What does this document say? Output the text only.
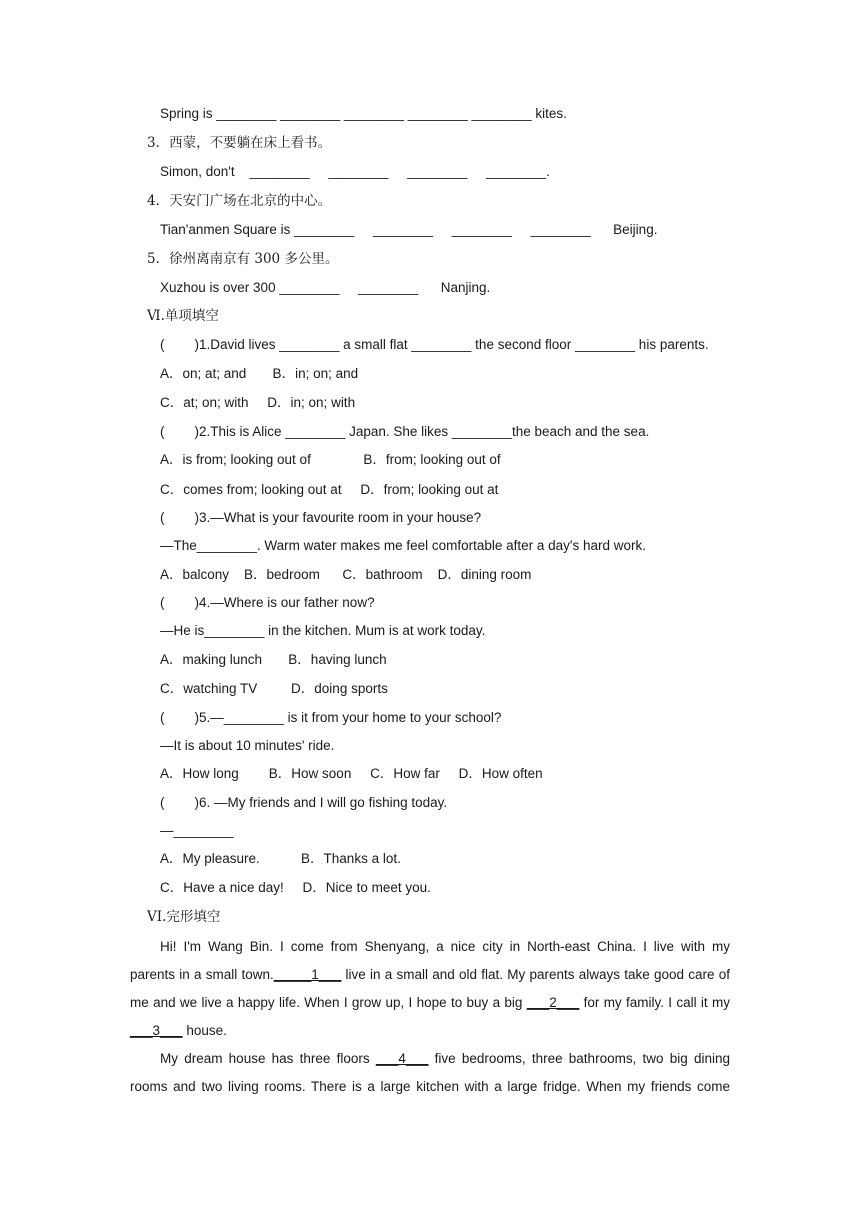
Spring is ________ ________ ________ ________ ________ kites.
3．西蒙，不要躺在床上看书。
Simon, don't    ________     ________     ________     ________.
4．天安门广场在北京的中心。
Tian'anmen Square is ________     ________     ________     ________      Beijing.
5．徐州离南京有 300 多公里。
Xuzhou is over 300 ________     ________      Nanjing.
Ⅵ.单项填空
(        )1.David lives ________ a small flat ________ the second floor ________ his parents.
A．on; at; and       B．in; on; and
C．at; on; with     D．in; on; with
(        )2.This is Alice ________ Japan. She likes ________the beach and the sea.
A．is from; looking out of              B．from; looking out of
C．comes from; looking out at     D．from; looking out at
(        )3.—What is your favourite room in your house?
—The________. Warm water makes me feel comfortable after a day's hard work.
A．balcony    B．bedroom      C．bathroom    D．dining room
(        )4.—Where is our father now?
—He is________ in the kitchen. Mum is at work today.
A．making lunch       B．having lunch
C．watching TV         D．doing sports
(        )5.—________ is it from your home to your school?
—It is about 10 minutes' ride.
A．How long        B．How soon     C．How far     D．How often
(        )6. —My friends and I will go fishing today.
—________
A．My pleasure.           B．Thanks a lot.
C．Have a nice day!     D．Nice to meet you.
VI.完形填空
Hi! I'm Wang Bin. I come from Shenyang, a nice city in North-east China. I live with my
parents in a small town._____1___ live in a small and old flat. My parents always take good care of
me and we live a happy life. When I grow up, I hope to buy a big ___2___ for my family. I call it my
___3___ house.
My dream house has three floors ___4___ five bedrooms, three bathrooms, two big dining
rooms and two living rooms. There is a large kitchen with a large fridge. When my friends come
